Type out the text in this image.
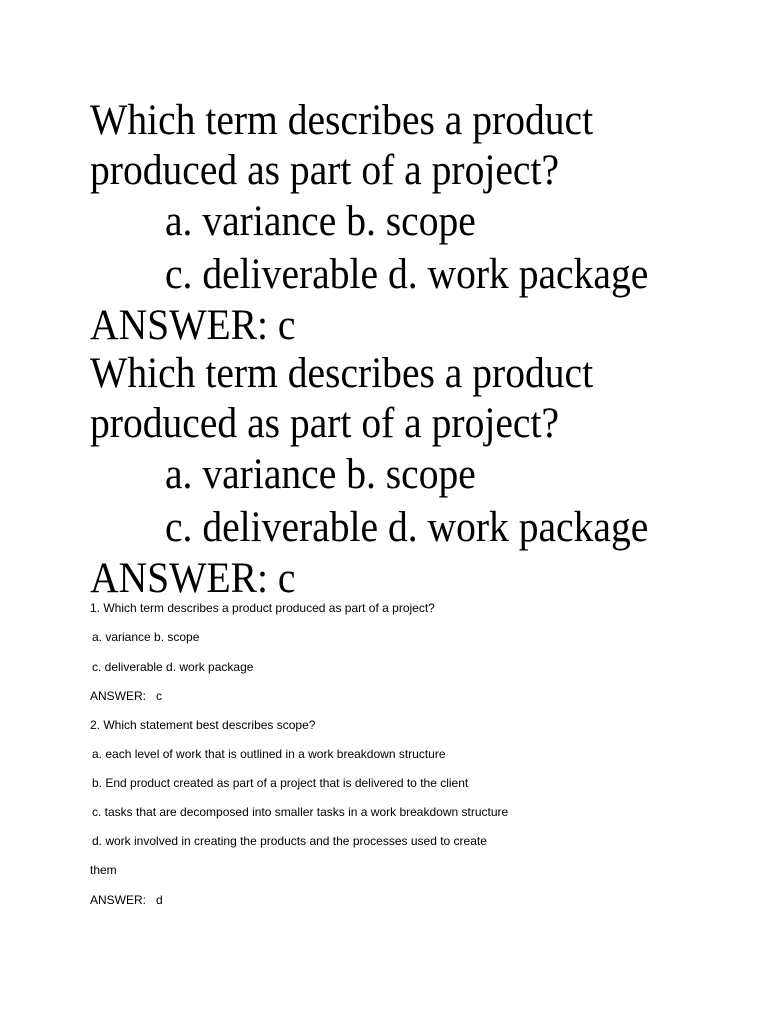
Which term describes a product

produced as part of a project?

a. variance b. scope

c. deliverable d. work package

ANSWER: c

Which term describes a product

produced as part of a project?

a. variance b. scope

c. deliverable d. work package

ANSWER: c

1. Which term describes a product produced as part of a project?

a. variance b. scope

c. deliverable d. work package

ANSWER:   c

2. Which statement best describes scope?

a. each level of work that is outlined in a work breakdown structure

b. End product created as part of a project that is delivered to the client

c. tasks that are decomposed into smaller tasks in a work breakdown structure

d. work involved in creating the products and the processes used to create

them

ANSWER:   d
